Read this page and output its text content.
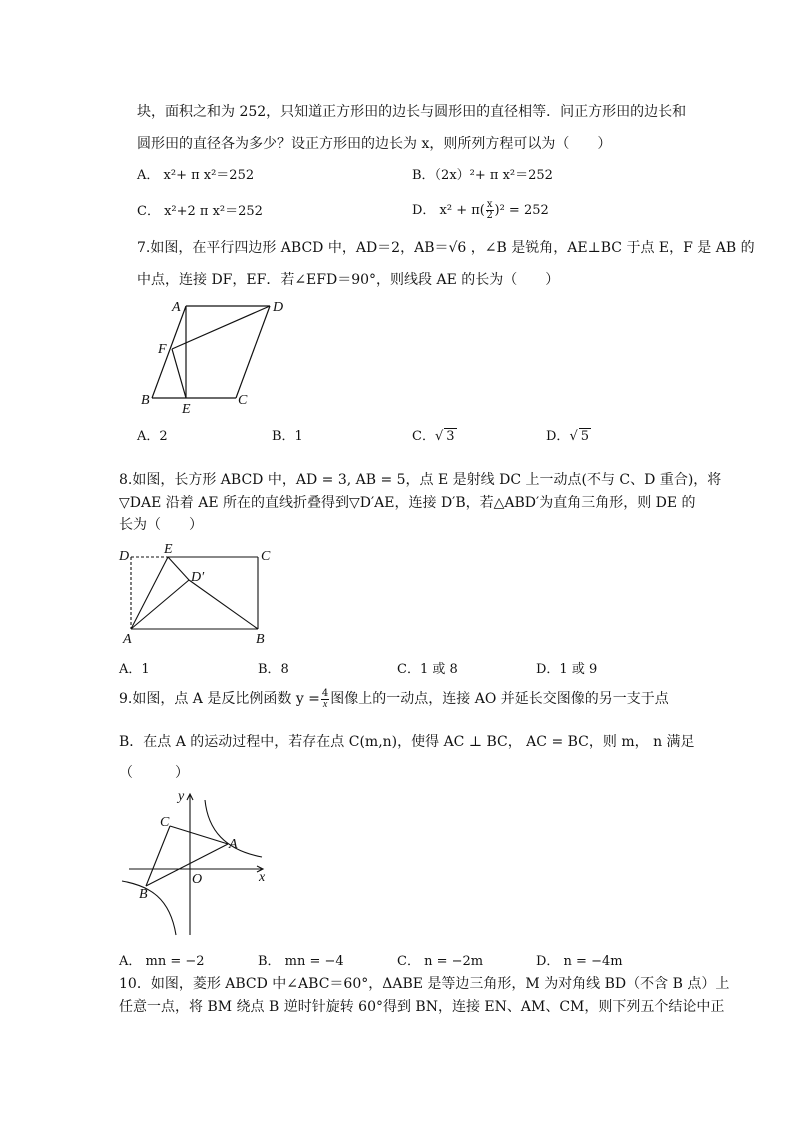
块，面积之和为 252，只知道正方形田的边长与圆形田的直径相等．问正方形田的边长和
圆形田的直径各为多少？设正方形田的边长为 x，则所列方程可以为（　　）
A． x²+ π x²＝252	B．（2x）²+ π x²＝252
C． x²+2 π x²＝252	D． $x^2 + \pi( \frac{x}{2} )^2 = 252$
7.如图，在平行四边形 ABCD 中，AD＝2，AB＝√6 ，∠B 是锐角，AE⊥BC 于点 E，F 是 AB 的
中点，连接 DF，EF．若∠EFD＝90°，则线段 AE 的长为（　　）
A	D
F
B
E
C
A．2	B．1	C．√ 3	D．√ 5
8.如图，长方形 ABCD 中，AD = 3, AB = 5，点 E 是射线 DC 上一动点(不与 C、D 重合)，将
▽DAE 沿着 AE 所在的直线折叠得到▽D′AE，连接 D′B，若△ABD′为直角三角形，则 DE 的
长为（　　）
D E	C
D′
A	B
A．1	B．8	C．1 或 8	D．1 或 9
9.如图，点 A 是反比例函数 $y = \frac{4}{x}$ 图像上的一动点，连接 AO 并延长交图像的另一支于点
B．在点 A 的运动过程中，若存在点 C(m,n)，使得 AC ⊥ BC， AC = BC，则 m， n 满足
（　　　）
y
C
A
O	x
B
A． mn = −2	B． mn = −4	C． n = −2m	D． n = −4m
10．如图，菱形 ABCD 中∠ABC＝60°，ΔABE 是等边三角形，M 为对角线 BD（不含 B 点）上
任意一点，将 BM 绕点 B 逆时针旋转 60°得到 BN，连接 EN、AM、CM，则下列五个结论中正
